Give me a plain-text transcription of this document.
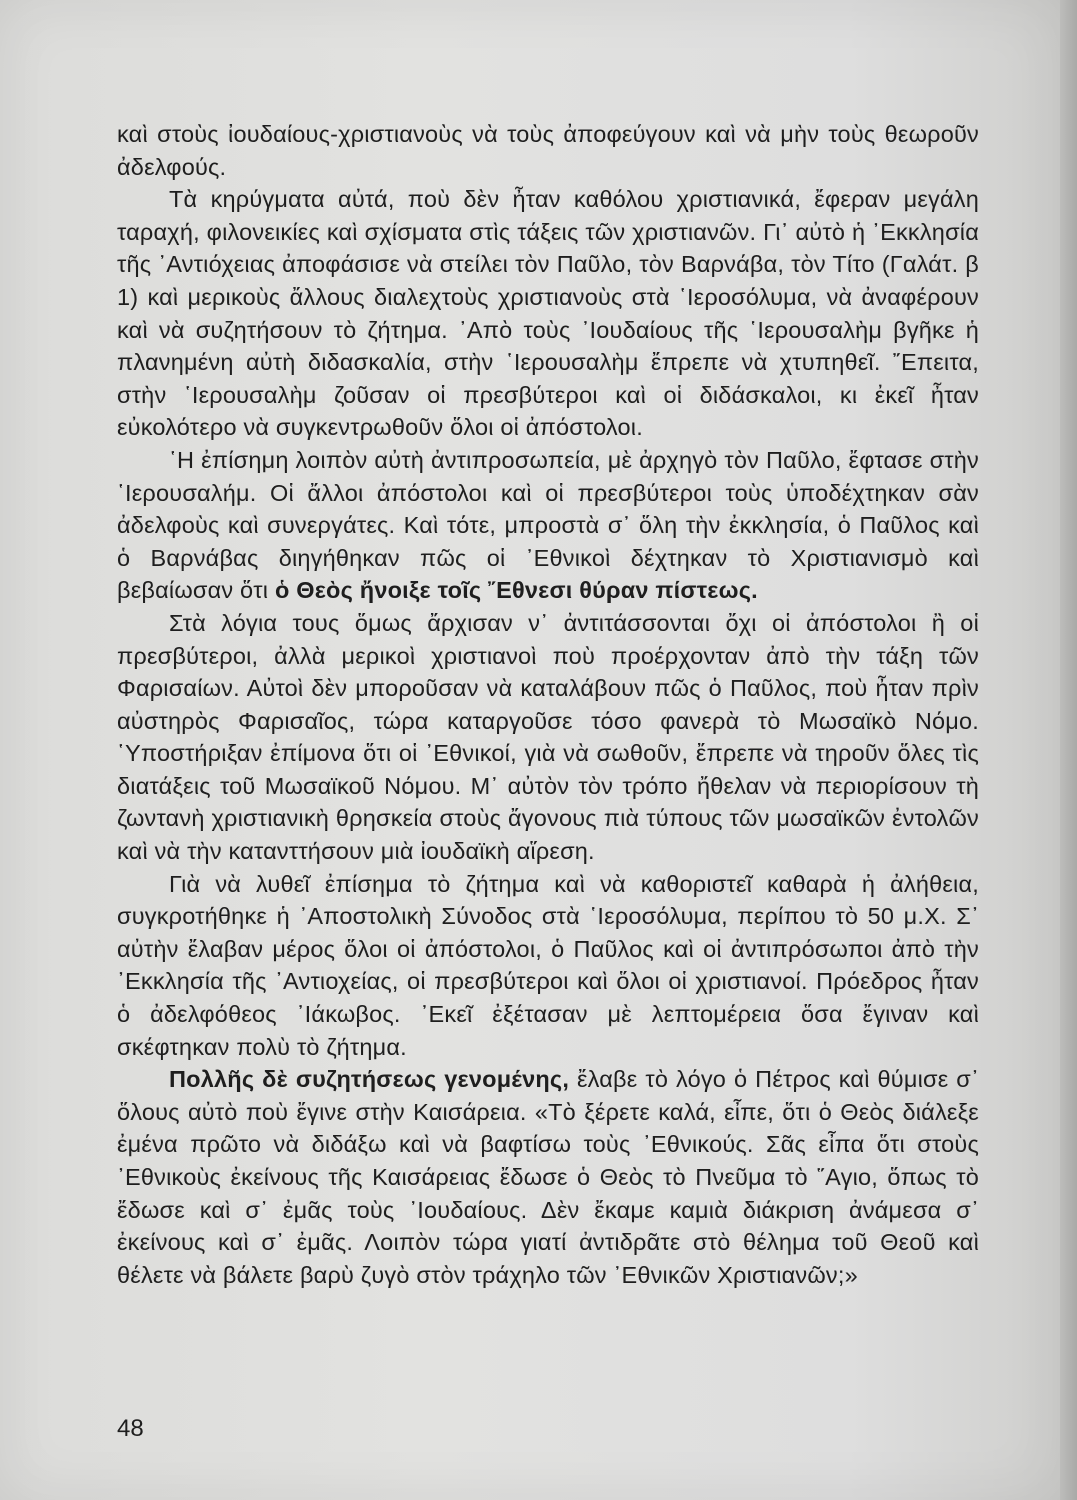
καὶ στοὺς ἰουδαίους-χριστιανοὺς νὰ τοὺς ἀποφεύγουν καὶ νὰ μὴν τοὺς θεωροῦν ἀδελφούς.

Τὰ κηρύγματα αὐτά, ποὺ δὲν ἦταν καθόλου χριστιανικά, ἔφεραν μεγάλη ταραχή, φιλονεικίες καὶ σχίσματα στὶς τάξεις τῶν χριστιανῶν. Γι᾽ αὐτὸ ἡ ᾿Εκκλησία τῆς ᾿Αντιόχειας ἀποφάσισε νὰ στείλει τὸν Παῦλο, τὸν Βαρνάβα, τὸν Τίτο (Γαλάτ. β 1) καὶ μερικοὺς ἄλλους διαλεχτοὺς χριστιανοὺς στὰ ῾Ιεροσόλυμα, νὰ ἀναφέρουν καὶ νὰ συζητήσουν τὸ ζήτημα. ᾿Απὸ τοὺς ᾿Ιουδαίους τῆς ῾Ιερουσαλὴμ βγῆκε ἡ πλανημένη αὐτὴ διδασκαλία, στὴν ῾Ιερουσαλὴμ ἔπρεπε νὰ χτυπηθεῖ. ῎Επειτα, στὴν ῾Ιερουσαλὴμ ζοῦσαν οἱ πρεσβύτεροι καὶ οἱ διδάσκαλοι, κι ἐκεῖ ἦταν εὐκολότερο νὰ συγκεντρωθοῦν ὅλοι οἱ ἀπόστολοι.

῾Η ἐπίσημη λοιπὸν αὐτὴ ἀντιπροσωπεία, μὲ ἀρχηγὸ τὸν Παῦλο, ἔφτασε στὴν ῾Ιερουσαλήμ. Οἱ ἄλλοι ἀπόστολοι καὶ οἱ πρεσβύτεροι τοὺς ὑποδέχτηκαν σὰν ἀδελφοὺς καὶ συνεργάτες. Καὶ τότε, μπροστὰ σ᾽ ὅλη τὴν ἐκκλησία, ὁ Παῦλος καὶ ὁ Βαρνάβας διηγήθηκαν πῶς οἱ ᾿Εθνικοὶ δέχτηκαν τὸ Χριστιανισμὸ καὶ βεβαίωσαν ὅτι ὁ Θεὸς ἤνοιξε τοῖς ῎Εθνεσι θύραν πίστεως.

Στὰ λόγια τους ὅμως ἄρχισαν ν᾽ ἀντιτάσσονται ὄχι οἱ ἀπόστολοι ἢ οἱ πρεσβύτεροι, ἀλλὰ μερικοὶ χριστιανοὶ ποὺ προέρχονταν ἀπὸ τὴν τάξη τῶν Φαρισαίων. Αὐτοὶ δὲν μποροῦσαν νὰ καταλάβουν πῶς ὁ Παῦλος, ποὺ ἦταν πρὶν αὐστηρὸς Φαρισαῖος, τώρα καταργοῦσε τόσο φανερὰ τὸ Μωσαϊκὸ Νόμο. ῾Υποστήριξαν ἐπίμονα ὅτι οἱ ᾿Εθνικοί, γιὰ νὰ σωθοῦν, ἔπρεπε νὰ τηροῦν ὅλες τὶς διατάξεις τοῦ Μωσαϊκοῦ Νόμου. Μ᾽ αὐτὸν τὸν τρόπο ἤθελαν νὰ περιορίσουν τὴ ζωντανὴ χριστιανικὴ θρησκεία στοὺς ἄγονους πιὰ τύπους τῶν μωσαϊκῶν ἐντολῶν καὶ νὰ τὴν κατανττήσουν μιὰ ἰουδαϊκὴ αἵρεση.

Γιὰ νὰ λυθεῖ ἐπίσημα τὸ ζήτημα καὶ νὰ καθοριστεῖ καθαρὰ ἡ ἀλήθεια, συγκροτήθηκε ἡ ᾿Αποστολικὴ Σύνοδος στὰ ῾Ιεροσόλυμα, περίπου τὸ 50 μ.Χ. Σ᾽ αὐτὴν ἔλαβαν μέρος ὅλοι οἱ ἀπόστολοι, ὁ Παῦλος καὶ οἱ ἀντιπρόσωποι ἀπὸ τὴν ᾿Εκκλησία τῆς ᾿Αντιοχείας, οἱ πρεσβύτεροι καὶ ὅλοι οἱ χριστιανοί. Πρόεδρος ἦταν ὁ ἀδελφόθεος ᾿Ιάκωβος. ᾿Εκεῖ ἐξέτασαν μὲ λεπτομέρεια ὅσα ἔγιναν καὶ σκέφτηκαν πολὺ τὸ ζήτημα.

Πολλῆς δὲ συζητήσεως γενομένης, ἔλαβε τὸ λόγο ὁ Πέτρος καὶ θύμισε σ᾽ ὅλους αὐτὸ ποὺ ἔγινε στὴν Καισάρεια. «Τὸ ξέρετε καλά, εἶπε, ὅτι ὁ Θεὸς διάλεξε ἐμένα πρῶτο νὰ διδάξω καὶ νὰ βαφτίσω τοὺς ᾿Εθνικούς. Σᾶς εἶπα ὅτι στοὺς ᾿Εθνικοὺς ἐκείνους τῆς Καισάρειας ἔδωσε ὁ Θεὸς τὸ Πνεῦμα τὸ ῞Αγιο, ὅπως τὸ ἔδωσε καὶ σ᾽ ἐμᾶς τοὺς ᾿Ιουδαίους. Δὲν ἔκαμε καμιὰ διάκριση ἀνάμεσα σ᾽ ἐκείνους καὶ σ᾽ ἐμᾶς. Λοιπὸν τώρα γιατί ἀντιδρᾶτε στὸ θέλημα τοῦ Θεοῦ καὶ θέλετε νὰ βάλετε βαρὺ ζυγὸ στὸν τράχηλο τῶν ᾿Εθνικῶν Χριστιανῶν;»

48
